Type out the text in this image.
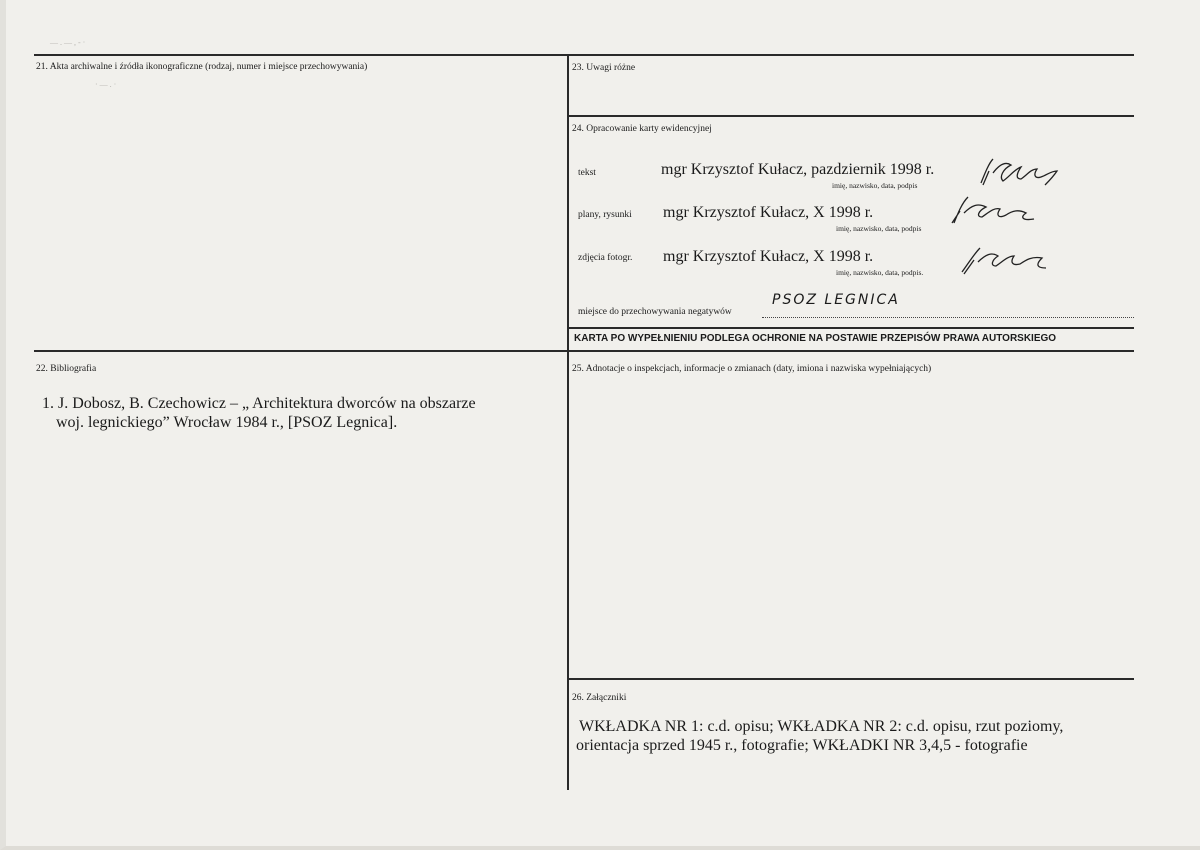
— . — , - ·
· — . ·
21. Akta archiwalne i źródła ikonograficzne (rodzaj, numer i miejsce przechowywania)	23. Uwagi różne
24. Opracowanie karty ewidencyjnej
tekst	mgr Krzysztof Kułacz, pazdziernik 1998 r.
imię, nazwisko, data, podpis
plany, rysunki mgr Krzysztof Kułacz, X 1998 r.
imię, nazwisko, data, podpis
zdjęcia fotogr. mgr Krzysztof Kułacz, X 1998 r.
imię, nazwisko, data, podpis.
miejsce do przechowywania negatywów
PSOZ LEGNICA
KARTA PO WYPEŁNIENIU PODLEGA OCHRONIE NA POSTAWIE PRZEPISÓW PRAWA AUTORSKIEGO
22. Bibliografia
1. J. Dobosz, B. Czechowicz – „ Architektura dworców na obszarze
woj. legnickiego” Wrocław 1984 r., [PSOZ Legnica].
25. Adnotacje o inspekcjach, informacje o zmianach (daty, imiona i nazwiska wypełniających)
26. Załączniki
WKŁADKA NR 1: c.d. opisu; WKŁADKA NR 2: c.d. opisu, rzut poziomy,
orientacja sprzed 1945 r., fotografie; WKŁADKI NR 3,4,5 - fotografie
